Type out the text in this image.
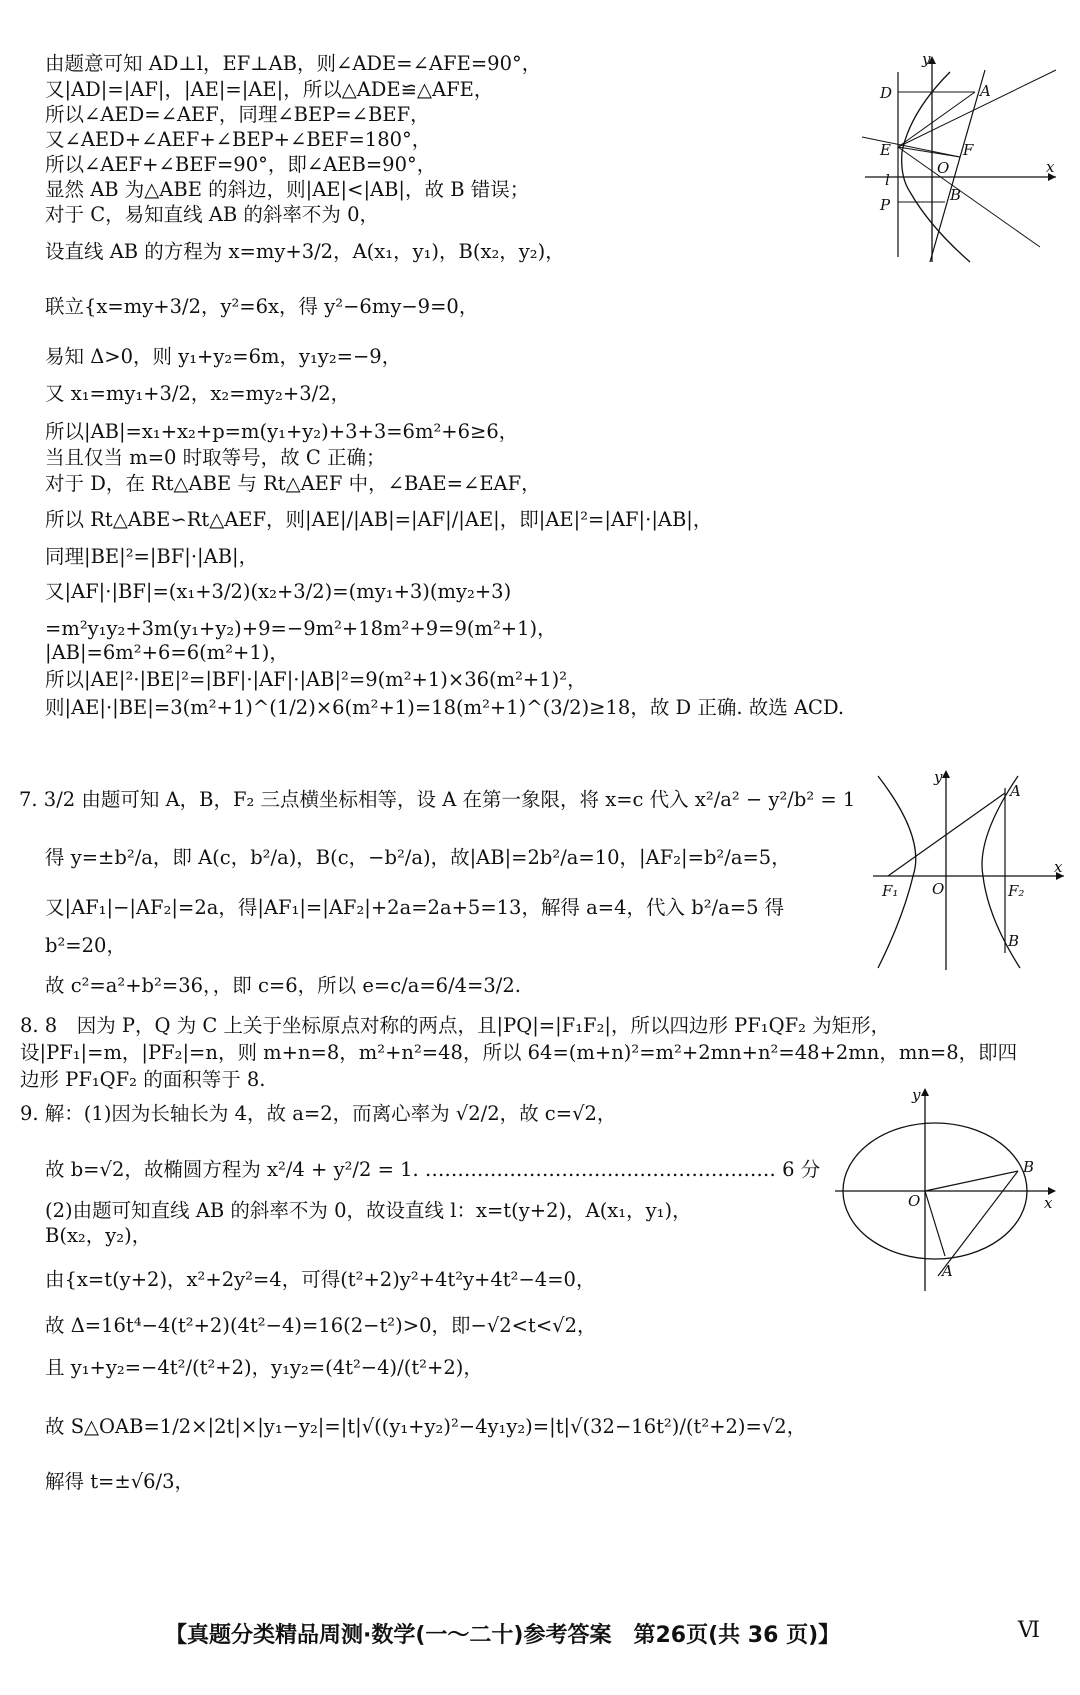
由题意可知 AD⊥l，EF⊥AB，则∠ADE=∠AFE=90°，
又|AD|=|AF|，|AE|=|AE|，所以△ADE≌△AFE，
所以∠AED=∠AEF，同理∠BEP=∠BEF，
又∠AED+∠AEF+∠BEP+∠BEF=180°，
所以∠AEF+∠BEF=90°，即∠AEB=90°，
显然 AB 为△ABE 的斜边，则|AE|<|AB|，故 B 错误；
对于 C，易知直线 AB 的斜率不为 0，
设直线 AB 的方程为 x=my+3/2，A(x₁，y₁)，B(x₂，y₂)，
联立{x=my+3/2，y²=6x，得 y²−6my−9=0，
易知 Δ>0，则 y₁+y₂=6m，y₁y₂=−9，
又 x₁=my₁+3/2，x₂=my₂+3/2，
所以|AB|=x₁+x₂+p=m(y₁+y₂)+3+3=6m²+6≥6，
当且仅当 m=0 时取等号，故 C 正确；
对于 D，在 Rt△ABE 与 Rt△AEF 中，∠BAE=∠EAF，
所以 Rt△ABE∽Rt△AEF，则|AE|/|AB|=|AF|/|AE|，即|AE|²=|AF|·|AB|，
同理|BE|²=|BF|·|AB|，
又|AF|·|BF|=(x₁+3/2)(x₂+3/2)=(my₁+3)(my₂+3)
=m²y₁y₂+3m(y₁+y₂)+9=−9m²+18m²+9=9(m²+1)，
|AB|=6m²+6=6(m²+1)，
所以|AE|²·|BE|²=|BF|·|AF|·|AB|²=9(m²+1)×36(m²+1)²，
则|AE|·|BE|=3(m²+1)^(1/2)×6(m²+1)=18(m²+1)^(3/2)≥18，故 D 正确. 故选 ACD.
7. 3/2 由题可知 A，B，F₂ 三点横坐标相等，设 A 在第一象限，将 x=c 代入 x²/a² − y²/b² = 1
得 y=±b²/a，即 A(c，b²/a)，B(c，−b²/a)，故|AB|=2b²/a=10，|AF₂|=b²/a=5，
又|AF₁|−|AF₂|=2a，得|AF₁|=|AF₂|+2a=2a+5=13，解得 a=4，代入 b²/a=5 得
b²=20，
故 c²=a²+b²=36，，即 c=6，所以 e=c/a=6/4=3/2.
8. 8　因为 P，Q 为 C 上关于坐标原点对称的两点，且|PQ|=|F₁F₂|，所以四边形 PF₁QF₂ 为矩形，设|PF₁|=m，|PF₂|=n，则 m+n=8，m²+n²=48，所以 64=(m+n)²=m²+2mn+n²=48+2mn，mn=8，即四边形 PF₁QF₂ 的面积等于 8.
9. 解：(1)因为长轴长为 4，故 a=2，而离心率为 √2/2，故 c=√2，
故 b=√2，故椭圆方程为 x²/4 + y²/2 = 1. ……………………………………………… 6 分
(2)由题可知直线 AB 的斜率不为 0，故设直线 l：x=t(y+2)，A(x₁，y₁)，
B(x₂，y₂)，
由{x=t(y+2)，x²+2y²=4，可得(t²+2)y²+4t²y+4t²−4=0，
故 Δ=16t⁴−4(t²+2)(4t²−4)=16(2−t²)>0，即−√2<t<√2，
且 y₁+y₂=−4t²/(t²+2)，y₁y₂=(4t²−4)/(t²+2)，
故 S△OAB=1/2×|2t|×|y₁−y₂|=|t|√((y₁+y₂)²−4y₁y₂)=|t|√(32−16t²)/(t²+2)=√2，
解得 t=±√6/3，
y
D	A
E	F
O	x
l
P
B
y
A
F₁ O	F₂
x
B
y
B
O	x
A
【真题分类精品周测·数学(一～二十)参考答案　第26页(共 36 页)】	Ⅵ
